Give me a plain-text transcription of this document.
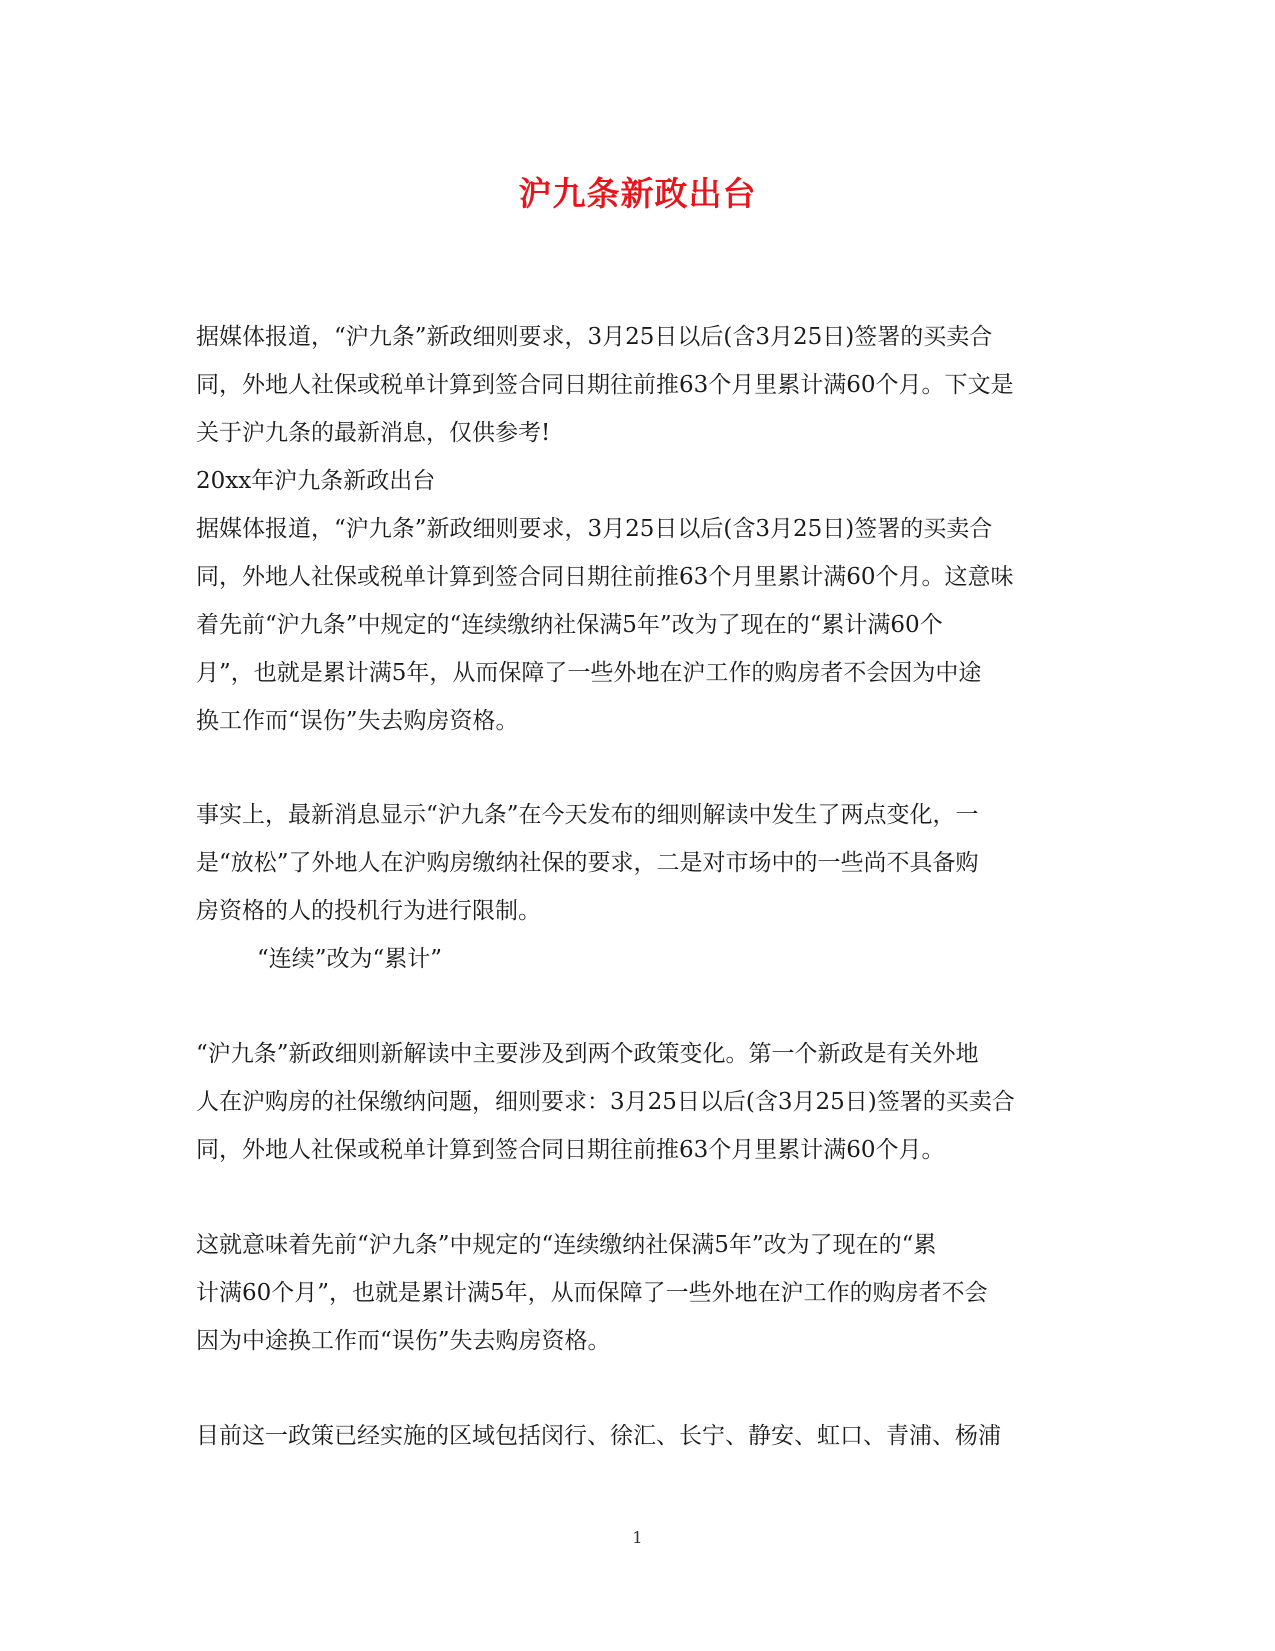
沪九条新政出台

据媒体报道，“沪九条”新政细则要求，3月25日以后(含3月25日)签署的买卖合

同，外地人社保或税单计算到签合同日期往前推63个月里累计满60个月。下文是

关于沪九条的最新消息，仅供参考!

20xx年沪九条新政出台

据媒体报道，“沪九条”新政细则要求，3月25日以后(含3月25日)签署的买卖合

同，外地人社保或税单计算到签合同日期往前推63个月里累计满60个月。这意味

着先前“沪九条”中规定的“连续缴纳社保满5年”改为了现在的“累计满60个

月”，也就是累计满5年，从而保障了一些外地在沪工作的购房者不会因为中途

换工作而“误伤”失去购房资格。

事实上，最新消息显示“沪九条”在今天发布的细则解读中发生了两点变化，一

是“放松”了外地人在沪购房缴纳社保的要求，二是对市场中的一些尚不具备购

房资格的人的投机行为进行限制。

“连续”改为“累计”

“沪九条”新政细则新解读中主要涉及到两个政策变化。第一个新政是有关外地

人在沪购房的社保缴纳问题，细则要求：3月25日以后(含3月25日)签署的买卖合

同，外地人社保或税单计算到签合同日期往前推63个月里累计满60个月。

这就意味着先前“沪九条”中规定的“连续缴纳社保满5年”改为了现在的“累

计满60个月”，也就是累计满5年，从而保障了一些外地在沪工作的购房者不会

因为中途换工作而“误伤”失去购房资格。

目前这一政策已经实施的区域包括闵行、徐汇、长宁、静安、虹口、青浦、杨浦

1
